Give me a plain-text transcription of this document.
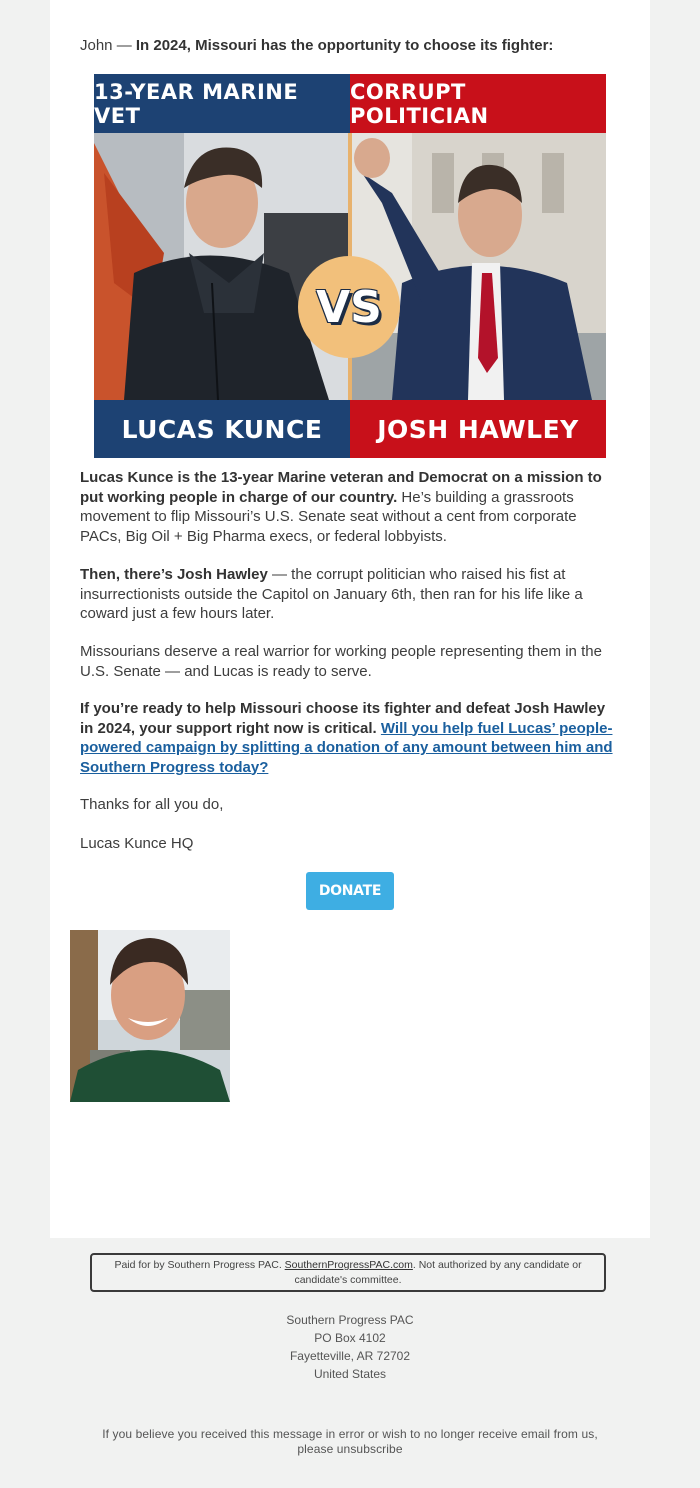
John — In 2024, Missouri has the opportunity to choose its fighter:

13-YEAR MARINE VET
CORRUPT POLITICIAN
VS
LUCAS KUNCE	JOSH HAWLEY

Lucas Kunce is the 13-year Marine veteran and Democrat on a mission to put working people in charge of our country. He’s building a grassroots movement to flip Missouri’s U.S. Senate seat without a cent from corporate PACs, Big Oil + Big Pharma execs, or federal lobbyists.

Then, there’s Josh Hawley — the corrupt politician who raised his fist at insurrectionists outside the Capitol on January 6th, then ran for his life like a coward just a few hours later.

Missourians deserve a real warrior for working people representing them in the U.S. Senate — and Lucas is ready to serve.

If you’re ready to help Missouri choose its fighter and defeat Josh Hawley in 2024, your support right now is critical. Will you help fuel Lucas’ people-powered campaign by splitting a donation of any amount between him and Southern Progress today?

Thanks for all you do,

Lucas Kunce HQ

DONATE
Paid for by Southern Progress PAC. SouthernProgressPAC.com. Not authorized by any candidate or candidate's committee.
Southern Progress PAC
PO Box 4102
Fayetteville, AR 72702
United States
If you believe you received this message in error or wish to no longer receive email from us,
please unsubscribe
